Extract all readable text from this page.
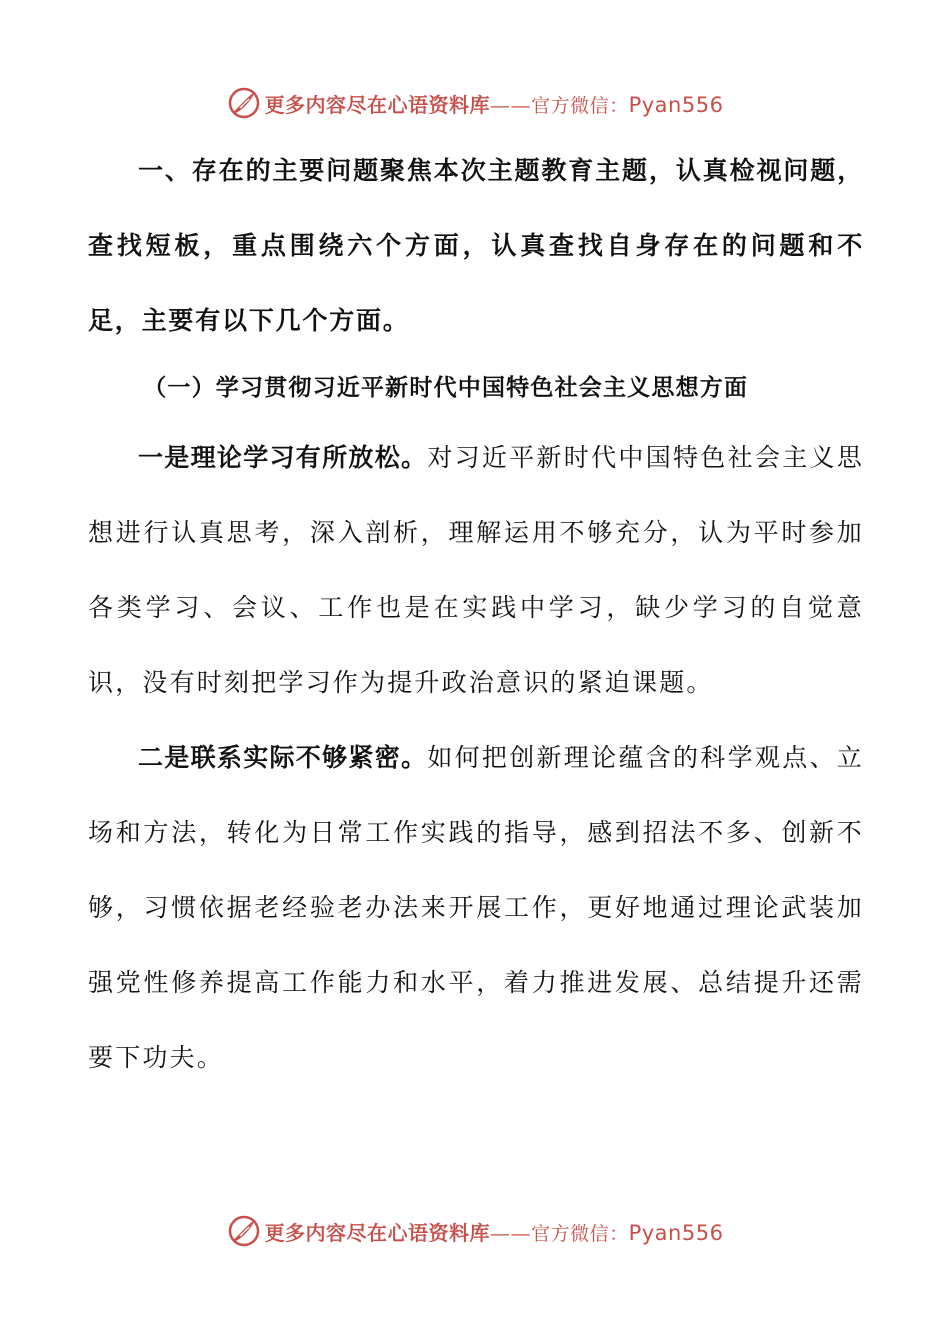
更多内容尽在心语资料库——官方微信：Pyan556

一、存在的主要问题聚焦本次主题教育主题，认真检视问题，查找短板，重点围绕六个方面，认真查找自身存在的问题和不足，主要有以下几个方面。

（一）学习贯彻习近平新时代中国特色社会主义思想方面

一是理论学习有所放松。对习近平新时代中国特色社会主义思想进行认真思考，深入剖析，理解运用不够充分，认为平时参加各类学习、会议、工作也是在实践中学习，缺少学习的自觉意识，没有时刻把学习作为提升政治意识的紧迫课题。

二是联系实际不够紧密。如何把创新理论蕴含的科学观点、立场和方法，转化为日常工作实践的指导，感到招法不多、创新不够，习惯依据老经验老办法来开展工作，更好地通过理论武装加强党性修养提高工作能力和水平，着力推进发展、总结提升还需要下功夫。

更多内容尽在心语资料库——官方微信：Pyan556
